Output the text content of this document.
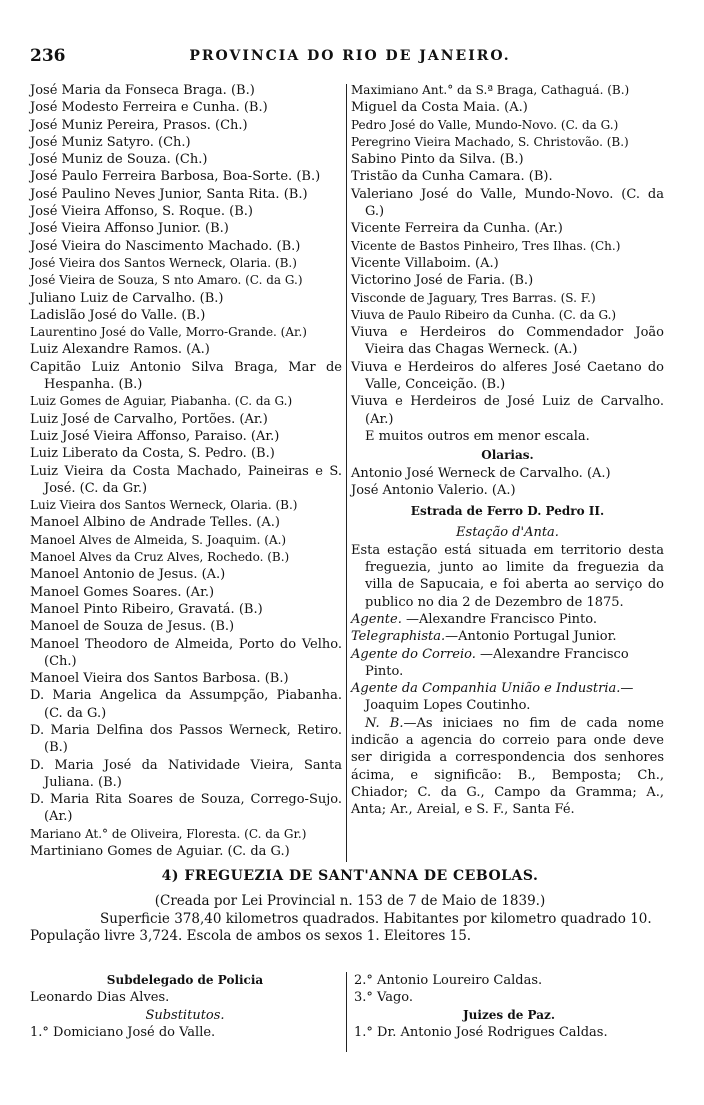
236	PROVINCIA DO RIO DE JANEIRO.
José Maria da Fonseca Braga. (B.)
José Modesto Ferreira e Cunha. (B.)
José Muniz Pereira, Prasos. (Ch.)
José Muniz Satyro. (Ch.)
José Muniz de Souza. (Ch.)
José Paulo Ferreira Barbosa, Boa-Sorte. (B.)
José Paulino Neves Junior, Santa Rita. (B.)
José Vieira Affonso, S. Roque. (B.)
José Vieira Affonso Junior. (B.)
José Vieira do Nascimento Machado. (B.)
José Vieira dos Santos Werneck, Olaria. (B.)
José Vieira de Souza, S nto Amaro. (C. da G.)
Juliano Luiz de Carvalho. (B.)
Ladislão José do Valle. (B.)
Laurentino José do Valle, Morro-Grande. (Ar.)
Luiz Alexandre Ramos. (A.)
Capitão Luiz Antonio Silva Braga, Mar de Hespanha. (B.)
Luiz Gomes de Aguiar, Piabanha. (C. da G.)
Luiz José de Carvalho, Portões. (Ar.)
Luiz José Vieira Affonso, Paraiso. (Ar.)
Luiz Liberato da Costa, S. Pedro. (B.)
Luiz Vieira da Costa Machado, Paineiras e S. José. (C. da Gr.)
Luiz Vieira dos Santos Werneck, Olaria. (B.)
Manoel Albino de Andrade Telles. (A.)
Manoel Alves de Almeida, S. Joaquim. (A.)
Manoel Alves da Cruz Alves, Rochedo. (B.)
Manoel Antonio de Jesus. (A.)
Manoel Gomes Soares. (Ar.)
Manoel Pinto Ribeiro, Gravatá. (B.)
Manoel de Souza de Jesus. (B.)
Manoel Theodoro de Almeida, Porto do Velho. (Ch.)
Manoel Vieira dos Santos Barbosa. (B.)
D. Maria Angelica da Assumpção, Piabanha. (C. da G.)
D. Maria Delfina dos Passos Werneck, Retiro. (B.)
D. Maria José da Natividade Vieira, Santa Juliana. (B.)
D. Maria Rita Soares de Souza, Corrego-Sujo. (Ar.)
Mariano At.° de Oliveira, Floresta. (C. da Gr.)
Martiniano Gomes de Aguiar. (C. da G.)
Maximiano Ant.° da S.ª Braga, Cathaguá. (B.)
Miguel da Costa Maia. (A.)
Pedro José do Valle, Mundo-Novo. (C. da G.)
Peregrino Vieira Machado, S. Christovão. (B.)
Sabino Pinto da Silva. (B.)
Tristão da Cunha Camara. (B).
Valeriano José do Valle, Mundo-Novo. (C. da G.)
Vicente Ferreira da Cunha. (Ar.)
Vicente de Bastos Pinheiro, Tres Ilhas. (Ch.)
Vicente Villaboim. (A.)
Victorino José de Faria. (B.)
Visconde de Jaguary, Tres Barras. (S. F.)
Viuva de Paulo Ribeiro da Cunha. (C. da G.)
Viuva e Herdeiros do Commendador João Vieira das Chagas Werneck. (A.)
Viuva e Herdeiros do alferes José Caetano do Valle, Conceição. (B.)
Viuva e Herdeiros de José Luiz de Carvalho. (Ar.)
E muitos outros em menor escala.
Olarias.
Antonio José Werneck de Carvalho. (A.)
José Antonio Valerio. (A.)
Estrada de Ferro D. Pedro II.
Estação d'Anta.
Esta estação está situada em territorio desta freguezia, junto ao limite da freguezia da villa de Sapucaia, e foi aberta ao serviço do publico no dia 2 de Dezembro de 1875.
Agente. —Alexandre Francisco Pinto.
Telegraphista.—Antonio Portugal Junior.
Agente do Correio. —Alexandre Francisco Pinto.
Agente da Companhia União e Industria.—Joaquim Lopes Coutinho.
N. B.—As iniciaes no fim de cada nome indicão a agencia do correio para onde deve ser dirigida a correspondencia dos senhores ácima, e significão: B., Bemposta; Ch., Chiador; C. da G., Campo da Gramma; A., Anta; Ar., Areial, e S. F., Santa Fé.
4) FREGUEZIA DE SANT'ANNA DE CEBOLAS.
(Creada por Lei Provincial n. 153 de 7 de Maio de 1839.)
Superficie 378,40 kilometros quadrados. Habitantes por kilometro quadrado 10.
População livre 3,724. Escola de ambos os sexos 1. Eleitores 15.
Subdelegado de Policia
Leonardo Dias Alves.
Substitutos.
1.° Domiciano José do Valle.
2.° Antonio Loureiro Caldas.
3.° Vago.
Juizes de Paz.
1.° Dr. Antonio José Rodrigues Caldas.
